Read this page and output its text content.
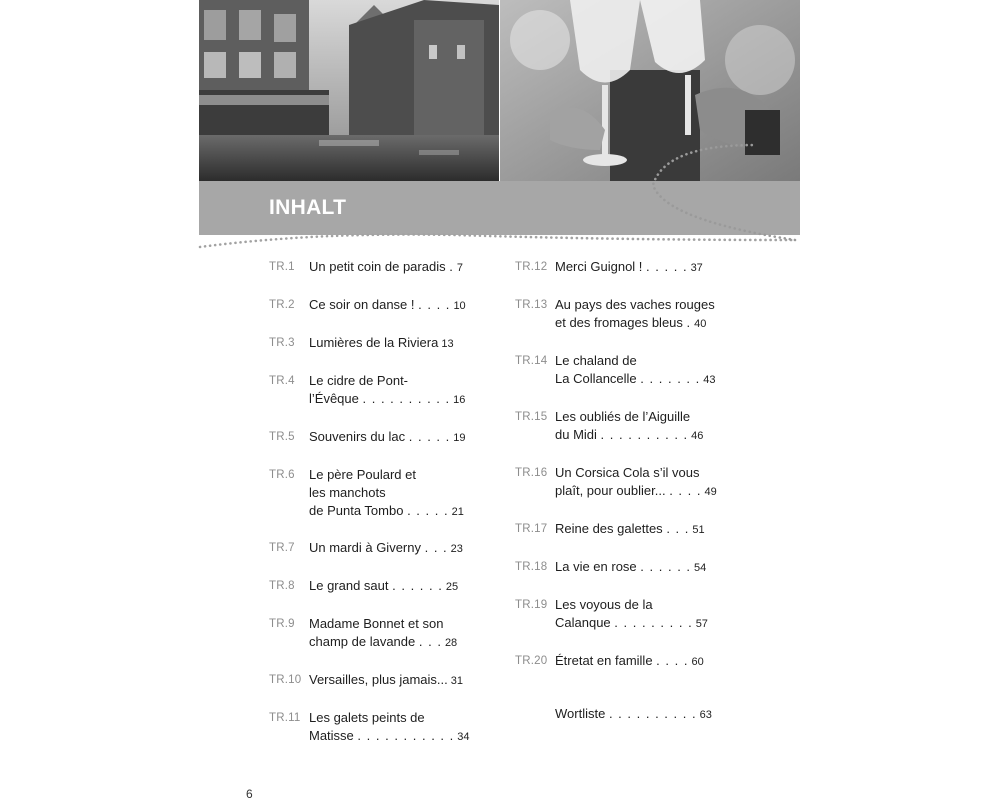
INHALT
TR.1 Un petit coin de paradis . 7
TR.2 Ce soir on danse ! . . . . 10
TR.3 Lumières de la Riviera 13
TR.4 Le cidre de Pont-
l’Évêque . . . . . . . . . . 16
TR.5 Souvenirs du lac . . . . . 19
TR.6 Le père Poulard et
les manchots
de Punta Tombo . . . . . 21
TR.7 Un mardi à Giverny . . . 23
TR.8 Le grand saut . . . . . . 25
TR.9 Madame Bonnet et son
champ de lavande . . . 28
TR.10 Versailles, plus jamais... 31
TR.11 Les galets peints de
Matisse . . . . . . . . . . . 34
TR.12 Merci Guignol ! . . . . . 37
TR.13 Au pays des vaches rouges
et des fromages bleus . 40
TR.14 Le chaland de
La Collancelle . . . . . . . 43
TR.15 Les oubliés de l’Aiguille
du Midi . . . . . . . . . . 46
TR.16 Un Corsica Cola s’il vous
plaît, pour oublier... . . . . 49
TR.17 Reine des galettes . . . 51
TR.18 La vie en rose . . . . . . 54
TR.19 Les voyous de la
Calanque . . . . . . . . . 57
TR.20 Étretat en famille . . . . 60
Wortliste . . . . . . . . . . 63
6
